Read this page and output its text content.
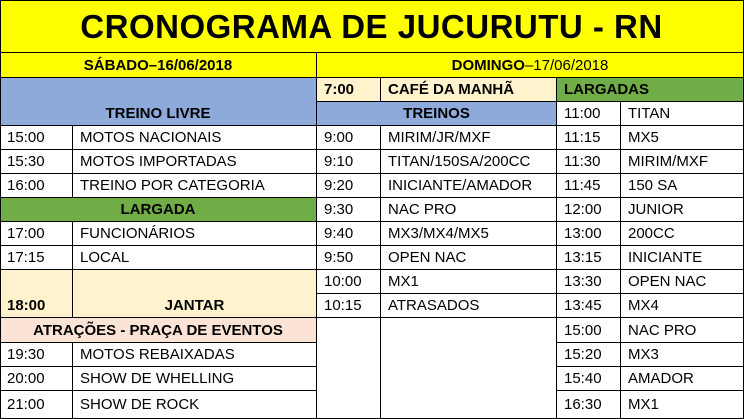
CRONOGRAMA DE JUCURUTU - RN
SÁBADO – 16/06/2018	DOMINGO – 17/06/2018
TREINO LIVRE
15:00	MOTOS NACIONAIS
15:30	MOTOS IMPORTADAS
16:00	TREINO POR CATEGORIA
LARGADA
17:00	FUNCIONÁRIOS
17:15	LOCAL
18:00	JANTAR
ATRAÇÕES - PRAÇA DE EVENTOS
19:30	MOTOS REBAIXADAS
20:00	SHOW DE WHELLING
21:00	SHOW DE ROCK
7:00	CAFÉ DA MANHÃ
TREINOS
9:00	MIRIM/JR/MXF
9:10	TITAN/150SA/200CC
9:20	INICIANTE/AMADOR
9:30	NAC PRO
9:40	MX3/MX4/MX5
9:50	OPEN NAC
10:00	MX1
10:15	ATRASADOS
LARGADAS
11:00	TITAN
11:15	MX5
11:30	MIRIM/MXF
11:45	150 SA
12:00	JUNIOR
13:00	200CC
13:15	INICIANTE
13:30	OPEN NAC
13:45	MX4
15:00	NAC PRO
15:20	MX3
15:40	AMADOR
16:30	MX1
